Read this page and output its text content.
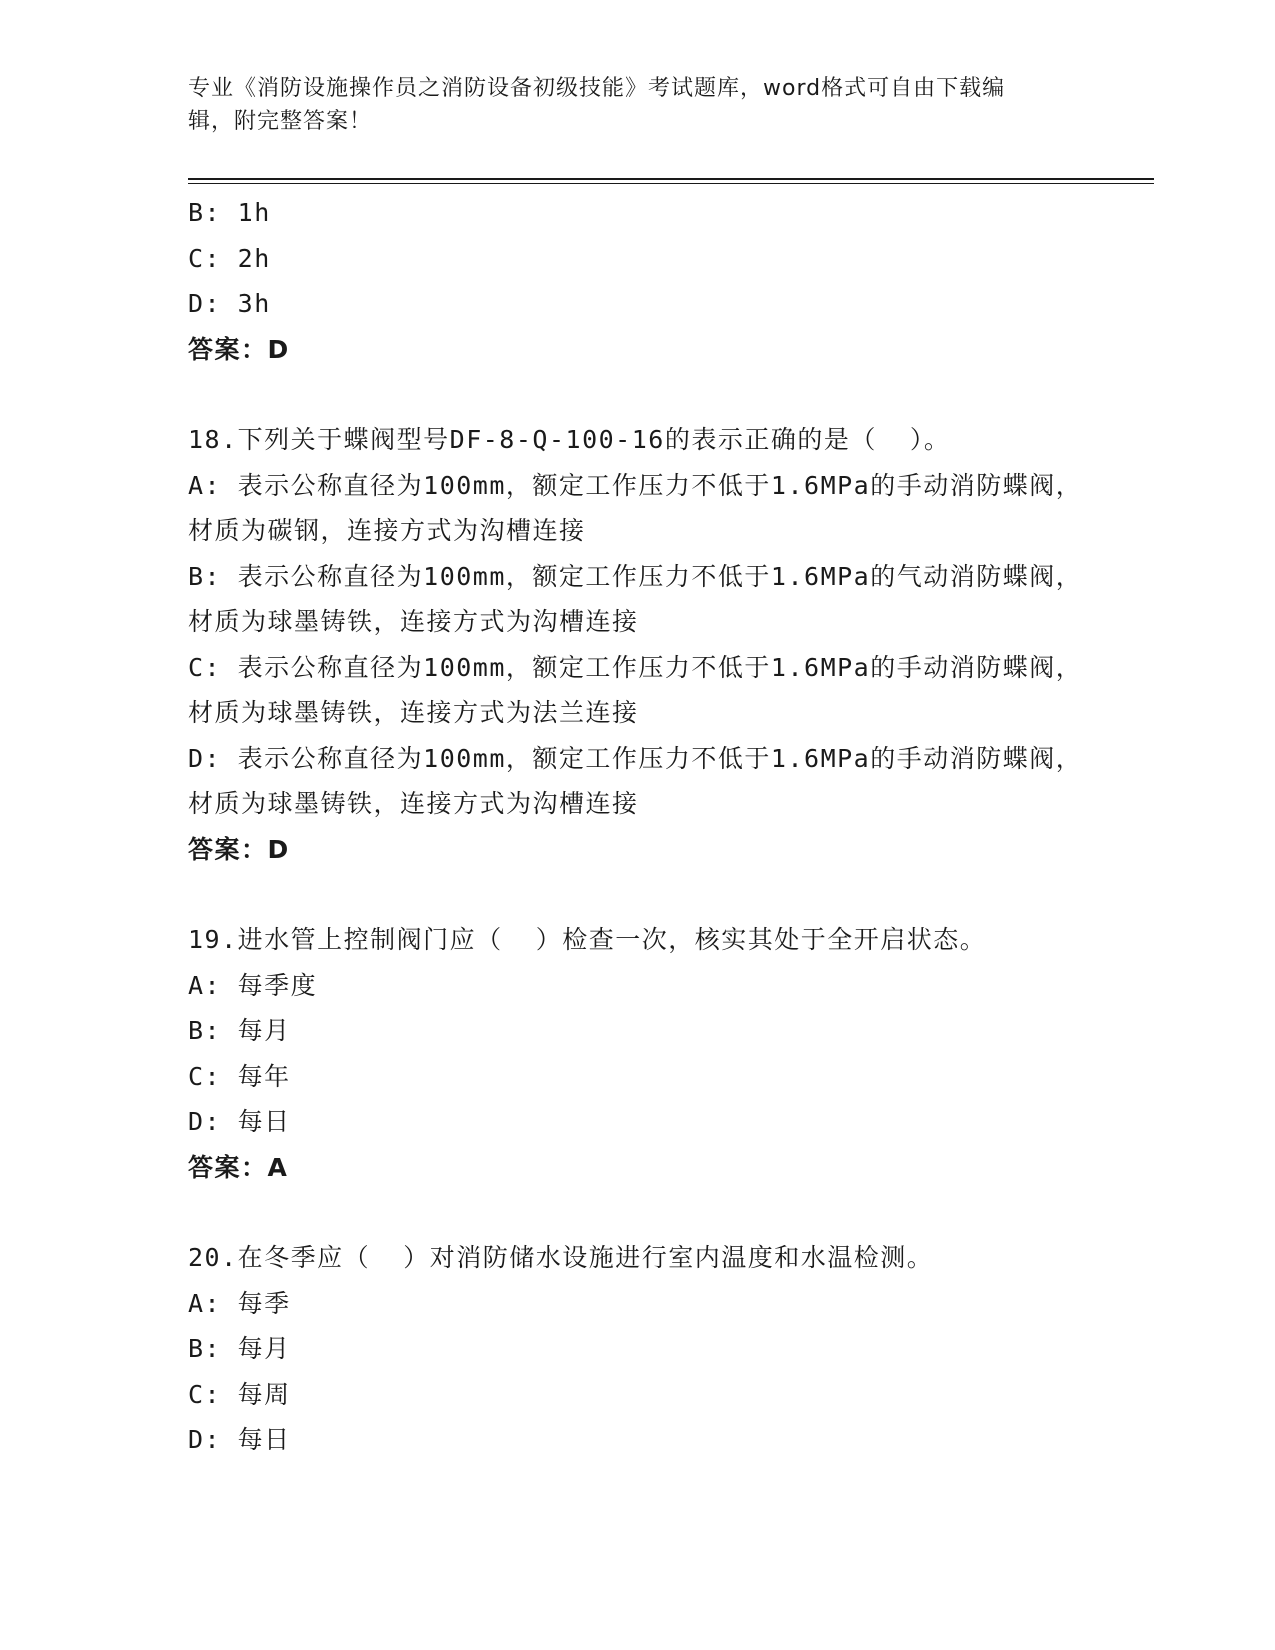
专业《消防设施操作员之消防设备初级技能》考试题库，word格式可自由下载编
辑，附完整答案！
B: 1h
C: 2h
D: 3h
答案：D
18.下列关于蝶阀型号DF-8-Q-100-16的表示正确的是（  ）。
A: 表示公称直径为100mm，额定工作压力不低于1.6MPa的手动消防蝶阀，材质为碳钢，连接方式为沟槽连接
B: 表示公称直径为100mm，额定工作压力不低于1.6MPa的气动消防蝶阀，材质为球墨铸铁，连接方式为沟槽连接
C: 表示公称直径为100mm，额定工作压力不低于1.6MPa的手动消防蝶阀，材质为球墨铸铁，连接方式为法兰连接
D: 表示公称直径为100mm，额定工作压力不低于1.6MPa的手动消防蝶阀，材质为球墨铸铁，连接方式为沟槽连接
答案：D
19.进水管上控制阀门应（  ）检查一次，核实其处于全开启状态。
A: 每季度
B: 每月
C: 每年
D: 每日
答案：A
20.在冬季应（  ）对消防储水设施进行室内温度和水温检测。
A: 每季
B: 每月
C: 每周
D: 每日
